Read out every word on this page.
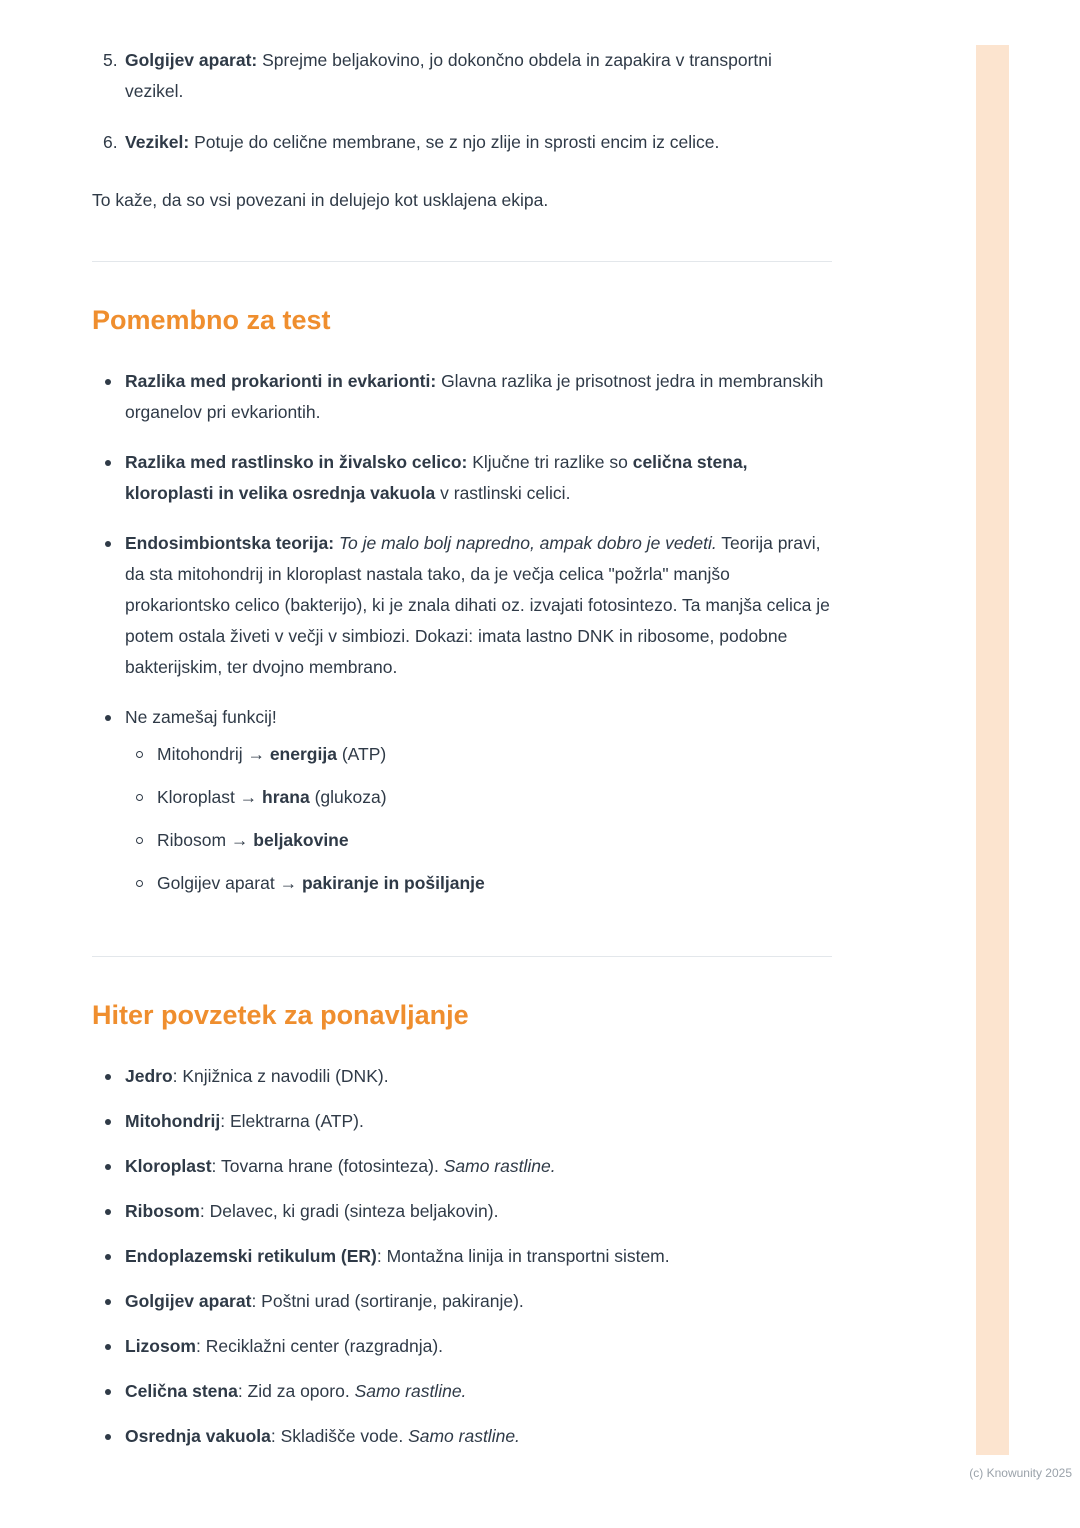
5. Golgijev aparat: Sprejme beljakovino, jo dokončno obdela in zapakira v transportni vezikel.
6. Vezikel: Potuje do celične membrane, se z njo zlije in sprosti encim iz celice.

To kaže, da so vsi povezani in delujejo kot usklajena ekipa.

Pomembno za test
Razlika med prokarionti in evkarionti: Glavna razlika je prisotnost jedra in membranskih organelov pri evkariontih.
Razlika med rastlinsko in živalsko celico: Ključne tri razlike so celična stena, kloroplasti in velika osrednja vakuola v rastlinski celici.
Endosimbiontska teorija: To je malo bolj napredno, ampak dobro je vedeti. Teorija pravi, da sta mitohondrij in kloroplast nastala tako, da je večja celica "požrla" manjšo prokariontsko celico (bakterijo), ki je znala dihati oz. izvajati fotosintezo. Ta manjša celica je potem ostala živeti v večji v simbiozi. Dokazi: imata lastno DNK in ribosome, podobne bakterijskim, ter dvojno membrano.
Ne zamešaj funkcij!
Mitohondrij → energija (ATP)
Kloroplast → hrana (glukoza)
Ribosom → beljakovine
Golgijev aparat → pakiranje in pošiljanje
Hiter povzetek za ponavljanje
Jedro: Knjižnica z navodili (DNK).
Mitohondrij: Elektrarna (ATP).
Kloroplast: Tovarna hrane (fotosinteza). Samo rastline.
Ribosom: Delavec, ki gradi (sinteza beljakovin).
Endoplazemski retikulum (ER): Montažna linija in transportni sistem.
Golgijev aparat: Poštni urad (sortiranje, pakiranje).
Lizosom: Reciklažni center (razgradnja).
Celična stena: Zid za oporo. Samo rastline.
Osrednja vakuola: Skladišče vode. Samo rastline.
(c) Knowunity 2025
